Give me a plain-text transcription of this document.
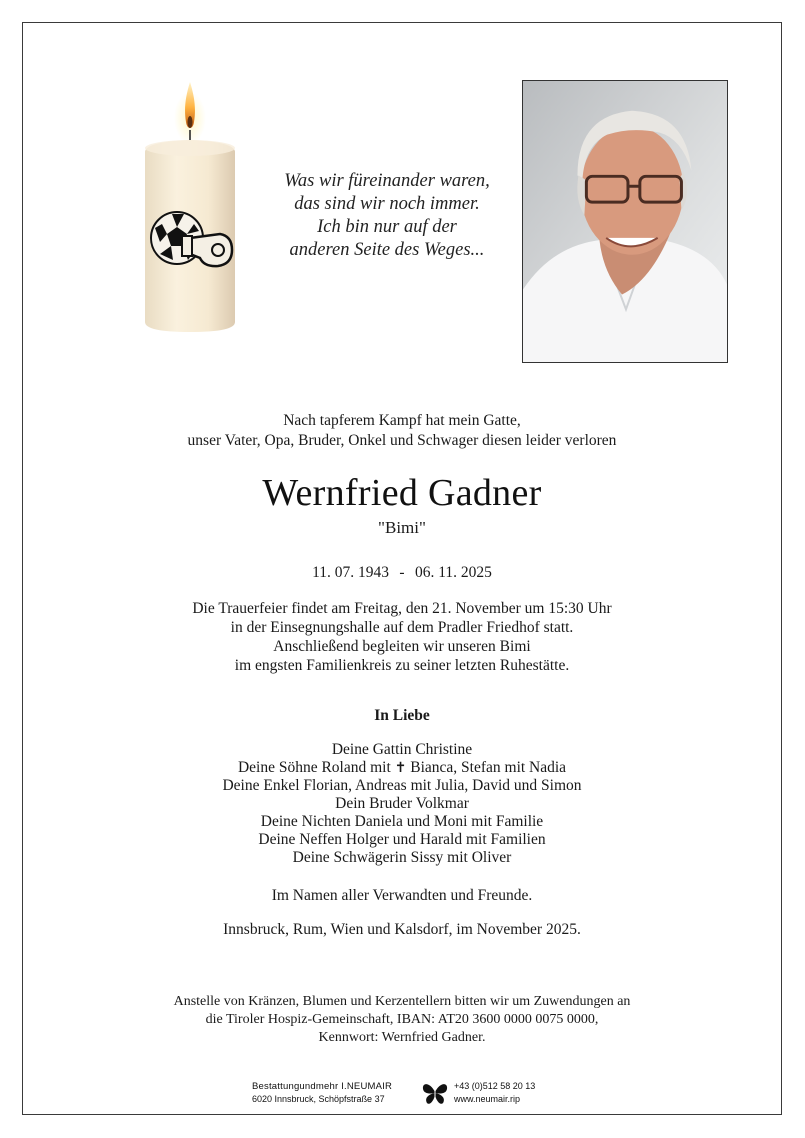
Was wir füreinander waren,
das sind wir noch immer.
Ich bin nur auf der
anderen Seite des Weges...
Nach tapferem Kampf hat mein Gatte,
unser Vater, Opa, Bruder, Onkel und Schwager diesen leider verloren
Wernfried Gadner
"Bimi"
11. 07. 1943 - 06. 11. 2025
Die Trauerfeier findet am Freitag, den 21. November um 15:30 Uhr
in der Einsegnungshalle auf dem Pradler Friedhof statt.
Anschließend begleiten wir unseren Bimi
im engsten Familienkreis zu seiner letzten Ruhestätte.
In Liebe
Deine Gattin Christine
Deine Söhne Roland mit ✝ Bianca, Stefan mit Nadia
Deine Enkel Florian, Andreas mit Julia, David und Simon
Dein Bruder Volkmar
Deine Nichten Daniela und Moni mit Familie
Deine Neffen Holger und Harald mit Familien
Deine Schwägerin Sissy mit Oliver
Im Namen aller Verwandten und Freunde.
Innsbruck, Rum, Wien und Kalsdorf, im November 2025.
Anstelle von Kränzen, Blumen und Kerzentellern bitten wir um Zuwendungen an
die Tiroler Hospiz-Gemeinschaft, IBAN: AT20 3600 0000 0075 0000,
Kennwort: Wernfried Gadner.
Bestattungundmehr I.NEUMAIR
6020 Innsbruck, Schöpfstraße 37
+43 (0)512 58 20 13
www.neumair.rip
